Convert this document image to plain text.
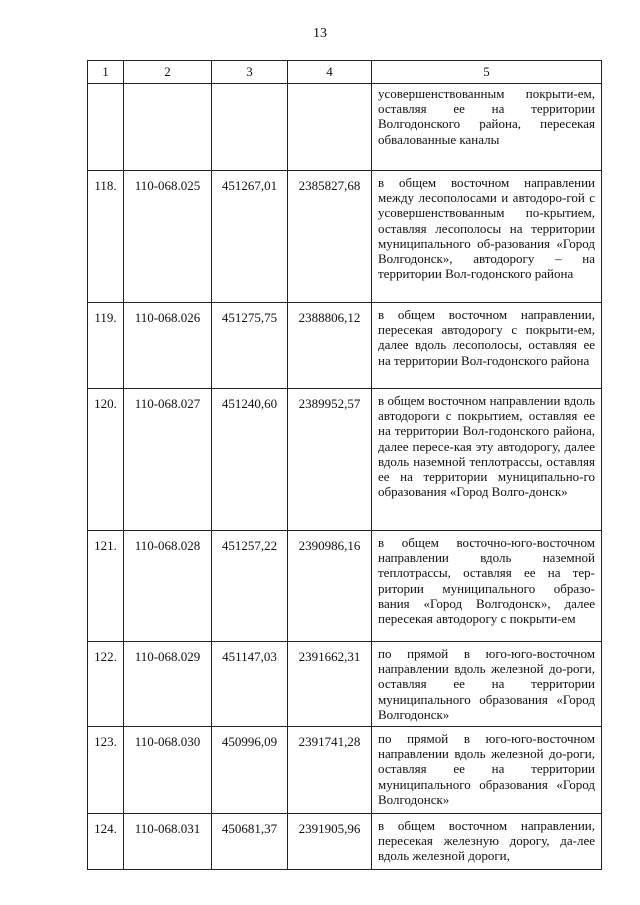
13
1	2	3	4	5
				усовершенствованным покрыти-ем, оставляя ее на территории Волгодонского района, пересекая обвалованные каналы
118.	110-068.025	451267,01	2385827,68	в общем восточном направлении между лесополосами и автодоро-гой с усовершенствованным по-крытием, оставляя лесополосы на территории муниципального об-разования «Город Волгодонск», автодорогу – на территории Вол-годонского района
119.	110-068.026	451275,75	2388806,12	в общем восточном направлении, пересекая автодорогу с покрыти-ем, далее вдоль лесополосы, оставляя ее на территории Вол-годонского района
120.	110-068.027	451240,60	2389952,57	в общем восточном направлении вдоль автодороги с покрытием, оставляя ее на территории Вол-годонского района, далее пересе-кая эту автодорогу, далее вдоль наземной теплотрассы, оставляя ее на территории муниципально-го образования «Город Волго-донск»
121.	110-068.028	451257,22	2390986,16	в общем восточно-юго-восточном направлении вдоль наземной теплотрассы, оставляя ее на тер-ритории муниципального образо-вания «Город Волгодонск», далее пересекая автодорогу с покрыти-ем
122.	110-068.029	451147,03	2391662,31	по прямой в юго-юго-восточном направлении вдоль железной до-роги, оставляя ее на территории муниципального образования «Город Волгодонск»
123.	110-068.030	450996,09	2391741,28	по прямой в юго-юго-восточном направлении вдоль железной до-роги, оставляя ее на территории муниципального образования «Город Волгодонск»
124.	110-068.031	450681,37	2391905,96	в общем восточном направлении, пересекая железную дорогу, да-лее вдоль железной дороги,
